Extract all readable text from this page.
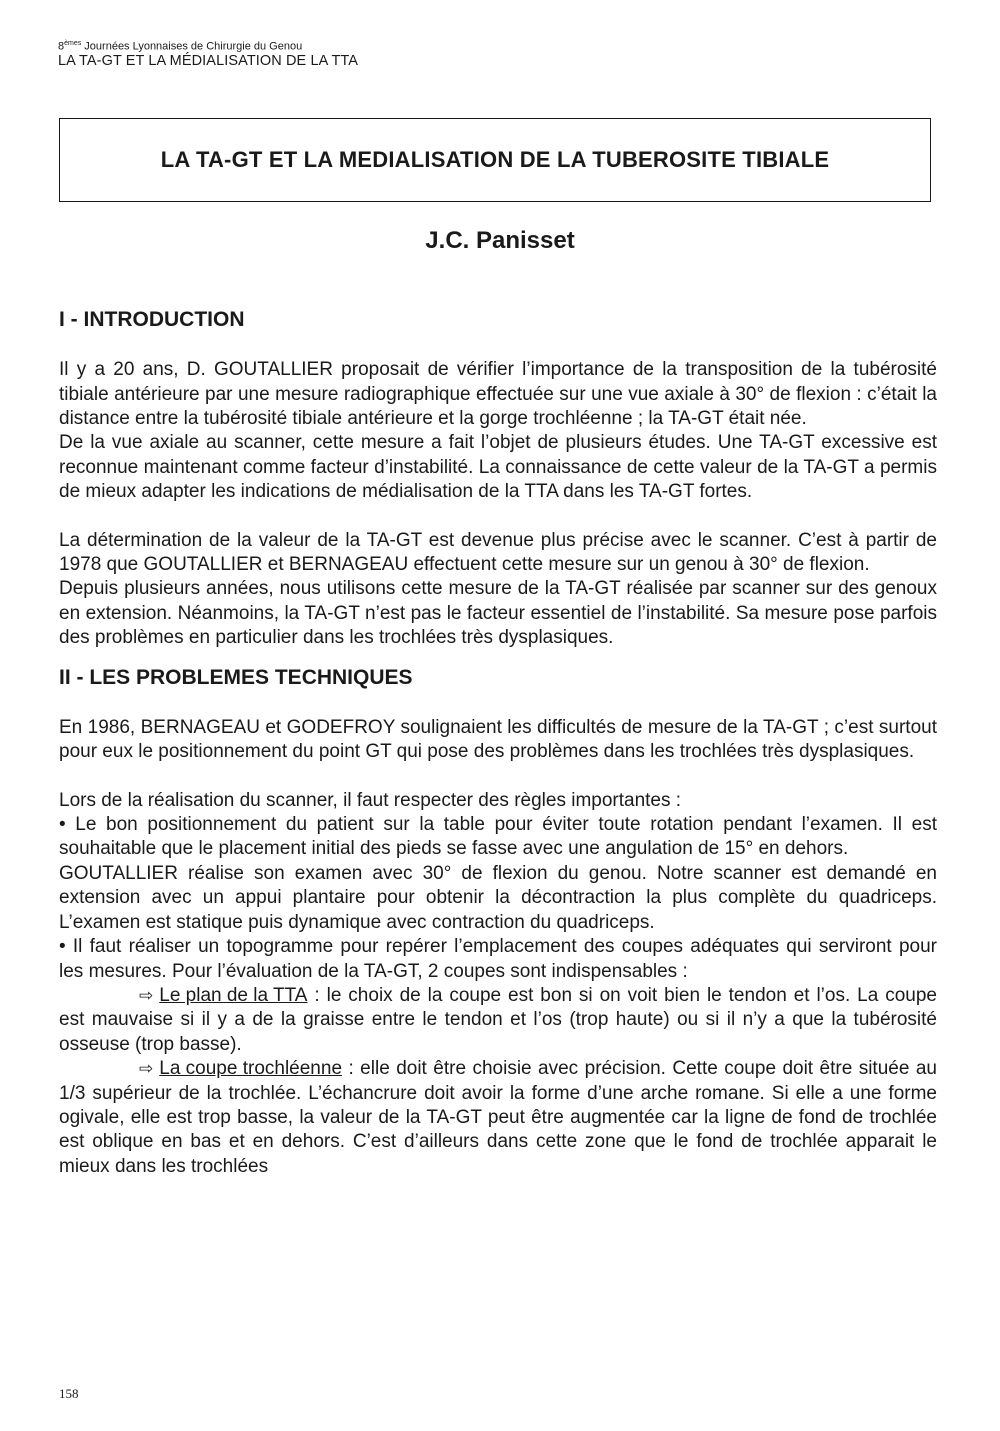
8èmes Journées Lyonnaises de Chirurgie du Genou
LA TA-GT ET LA MÉDIALISATION DE LA TTA
LA TA-GT ET LA MEDIALISATION DE LA TUBEROSITE TIBIALE
J.C. Panisset
I - INTRODUCTION

Il y a 20 ans, D. GOUTALLIER proposait de vérifier l’importance de la transposition de la tubérosité tibiale antérieure par une mesure radiographique effectuée sur une vue axiale à 30° de flexion : c’était la distance entre la tubérosité tibiale antérieure et la gorge trochléenne ; la TA-GT était née.

De la vue axiale au scanner, cette mesure a fait l’objet de plusieurs études. Une TA-GT excessive est reconnue maintenant comme facteur d’instabilité. La connaissance de cette valeur de la TA-GT a permis de mieux adapter les indications de médialisation de la TTA dans les TA-GT fortes.

La détermination de la valeur de la TA-GT est devenue plus précise avec le scanner. C’est à partir de 1978 que GOUTALLIER et BERNAGEAU effectuent cette mesure sur un genou à 30° de flexion.

Depuis plusieurs années, nous utilisons cette mesure de la TA-GT réalisée par scanner sur des genoux en extension. Néanmoins, la TA-GT n’est pas le facteur essentiel de l’instabilité. Sa mesure pose parfois des problèmes en particulier dans les trochlées très dysplasiques.

II - LES PROBLEMES TECHNIQUES

En 1986, BERNAGEAU et GODEFROY soulignaient les difficultés de mesure de la TA-GT ; c’est surtout pour eux le positionnement du point GT qui pose des problèmes dans les trochlées très dysplasiques.

Lors de la réalisation du scanner, il faut respecter des règles importantes :

• Le bon positionnement du patient sur la table pour éviter toute rotation pendant l’examen. Il est souhaitable que le placement initial des pieds se fasse avec une angulation de 15° en dehors.

GOUTALLIER réalise son examen avec 30° de flexion du genou. Notre scanner est demandé en extension avec un appui plantaire pour obtenir la décontraction la plus complète du quadriceps. L’examen est statique puis dynamique avec contraction du quadriceps.

• Il faut réaliser un topogramme pour repérer l’emplacement des coupes adéquates qui serviront pour les mesures. Pour l’évaluation de la TA-GT, 2 coupes sont indispensables :

⇨ Le plan de la TTA : le choix de la coupe est bon si on voit bien le tendon et l’os. La coupe est mauvaise si il y a de la graisse entre le tendon et l’os (trop haute) ou si il n’y a que la tubérosité osseuse (trop basse).

⇨ La coupe trochléenne : elle doit être choisie avec précision. Cette coupe doit être située au 1/3 supérieur de la trochlée. L’échancrure doit avoir la forme d’une arche romane. Si elle a une forme ogivale, elle est trop basse, la valeur de la TA-GT peut être augmentée car la ligne de fond de trochlée est oblique en bas et en dehors. C’est d’ailleurs dans cette zone que le fond de trochlée apparait le mieux dans les trochlées

158
